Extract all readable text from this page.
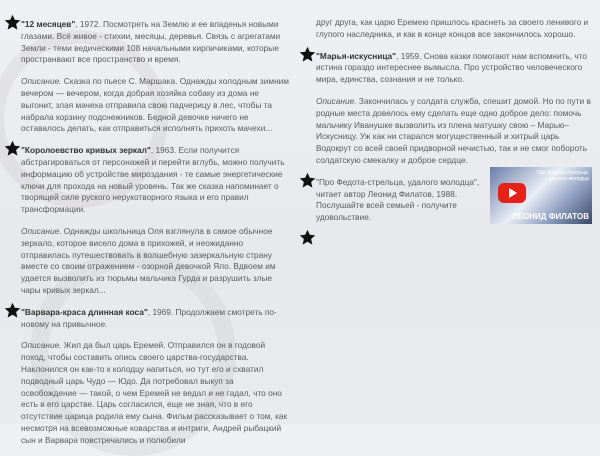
"12 месяцев", 1972. Посмотреть на Землю и ее владенья новыми глазами. Всё живое - стихии, месяцы, деревья. Связь с агрегатами Земли - теми ведическими 108 начальными кирпичиками, которые пространвают все пространство и время.

Описание. Сказка по пьесе С. Маршака. Однажды холодным зимним вечером — вечером, когда добрая хозяйка собаку из дома не выгонит, злая мачеха отправила свою падчерицу в лес, чтобы та набрала корзину подснежников. Бедной девочке ничего не оставалось делать, как отправиться исполнять прихоть мачехи...

"Королоевство кривых зеркал", 1963. Если получится абстрагироваться от персонажей и перейти вглубь, можно получить информацию об устройстве мироздания - те самые энергетические ключи для прохода на новый уровень. Так же сказка напоминает о творящей силе руского нерукотворного языка и его правил трансформации.

Описание. Однажды школьница Оля взглянула в самое обычное зеркало, которое висело дома в прихожей, и неожиданно отправилась путешествовать в волшебную зазеркальную страну вместе со своим отражением - озорной девочкой Яло. Вдвоем им удается вызволить из тюрьмы мальчика Гурда и разрушить злые чары кривых зеркал...

"Варвара-краса длинная коса", 1969. Продолжаем смотреть по-новому на привычное.

Описание. Жил да был царь Еремей. Отправился он в годовой поход, чтобы составить опись своего царства-государства. Наклонился он как-то к колодцу напиться, но тут его и схватил подводный царь Чудо — Юдо. Да потребовал выкуп за освобождение — такой, о чем Еремей не ведал и не гадал, что оно есть в его царстве. Царь согласился, еще не зная, что в его отсутствие царица родила ему сына. Фильм рассказывает о том, как несмотря на всевозможные коварства и интриги, Андрей рыбацкий сын и Варвара повстречались и полюбили

друг друга, как царю Еремею пришлось краснеть за своего ленивого и глупого наследника, и как в конце концов все закончилось хорошо.

"Марья-искусница", 1959. Снова казки помогают нам вспомнить, что истина гораздо интереснее вымысла. Про устройство человеческого мира, единства, сознания и не только.

Описание. Закончилась у солдата служба, спешит домой. Но по пути в родные места довелось ему сделать еще одно доброе дело: помочь мальчику Иванушке вызволить из плена матушку свою – Марью–Искусницу. Уж как ни старался могущественный и хитрый царь Водокрут со всей своей придворной нечистью, так и не смог побороть солдатскую смекалку и доброе сердце.

"Про Федота-стрельца, удалого молодца", читает автор Леонид Филатов, 1988. Послушайте всей семьей - получите удовольствие.

Про Федота-стрельца, удалого молодца
ЛЕОНИД ФИЛАТОВ
